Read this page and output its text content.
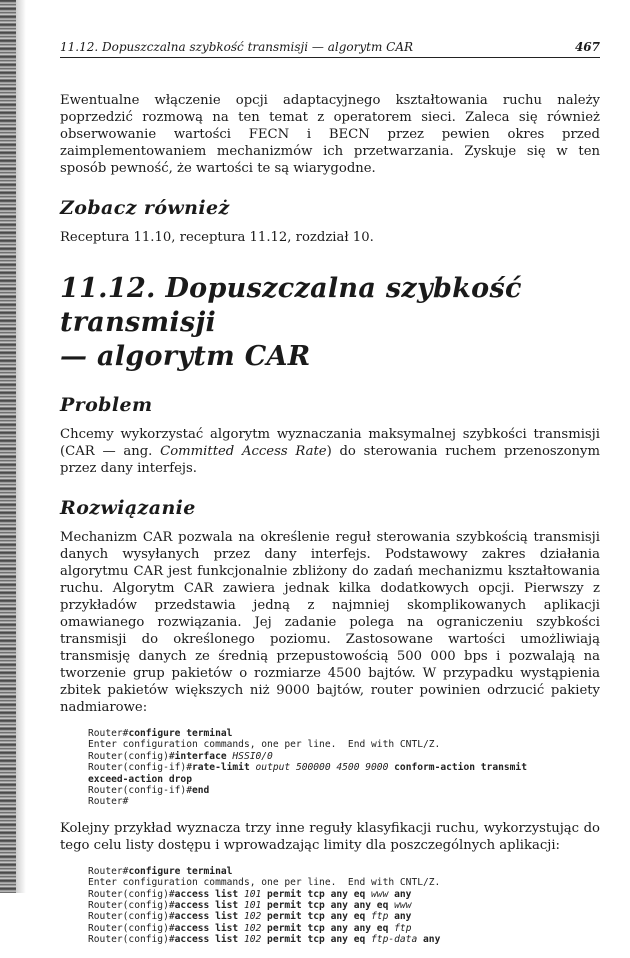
11.12. Dopuszczalna szybkość transmisji — algorytm CAR	467

Ewentualne włączenie opcji adaptacyjnego kształtowania ruchu należy poprzedzić rozmową na ten temat z operatorem sieci. Zaleca się również obserwowanie wartości FECN i BECN przez pewien okres przed zaimplementowaniem mechanizmów ich przetwarzania. Zyskuje się w ten sposób pewność, że wartości te są wiarygodne.

Zobacz również

Receptura 11.10, receptura 11.12, rozdział 10.

11.12. Dopuszczalna szybkość transmisji
— algorytm CAR
Problem

Chcemy wykorzystać algorytm wyznaczania maksymalnej szybkości transmisji (CAR — ang. Committed Access Rate) do sterowania ruchem przenoszonym przez dany interfejs.

Rozwiązanie

Mechanizm CAR pozwala na określenie reguł sterowania szybkością transmisji danych wysyłanych przez dany interfejs. Podstawowy zakres działania algorytmu CAR jest funkcjonalnie zbliżony do zadań mechanizmu kształtowania ruchu. Algorytm CAR zawiera jednak kilka dodatkowych opcji. Pierwszy z przykładów przedstawia jedną z najmniej skomplikowanych aplikacji omawianego rozwiązania. Jej zadanie polega na ograniczeniu szybkości transmisji do określonego poziomu. Zastosowane wartości umożliwiają transmisję danych ze średnią przepustowością 500 000 bps i pozwalają na tworzenie grup pakietów o rozmiarze 4500 bajtów. W przypadku wystąpienia zbitek pakietów większych niż 9000 bajtów, router powinien odrzucić pakiety nadmiarowe:

Router#configure terminal
Enter configuration commands, one per line.  End with CNTL/Z.
Router(config)#interface HSSI0/0
Router(config-if)#rate-limit output 500000 4500 9000 conform-action transmit
exceed-action drop
Router(config-if)#end
Router#

Kolejny przykład wyznacza trzy inne reguły klasyfikacji ruchu, wykorzystując do tego celu listy dostępu i wprowadzając limity dla poszczególnych aplikacji:

Router#configure terminal
Enter configuration commands, one per line.  End with CNTL/Z.
Router(config)#access list 101 permit tcp any eq www any
Router(config)#access list 101 permit tcp any any eq www
Router(config)#access list 102 permit tcp any eq ftp any
Router(config)#access list 102 permit tcp any any eq ftp
Router(config)#access list 102 permit tcp any eq ftp-data any
